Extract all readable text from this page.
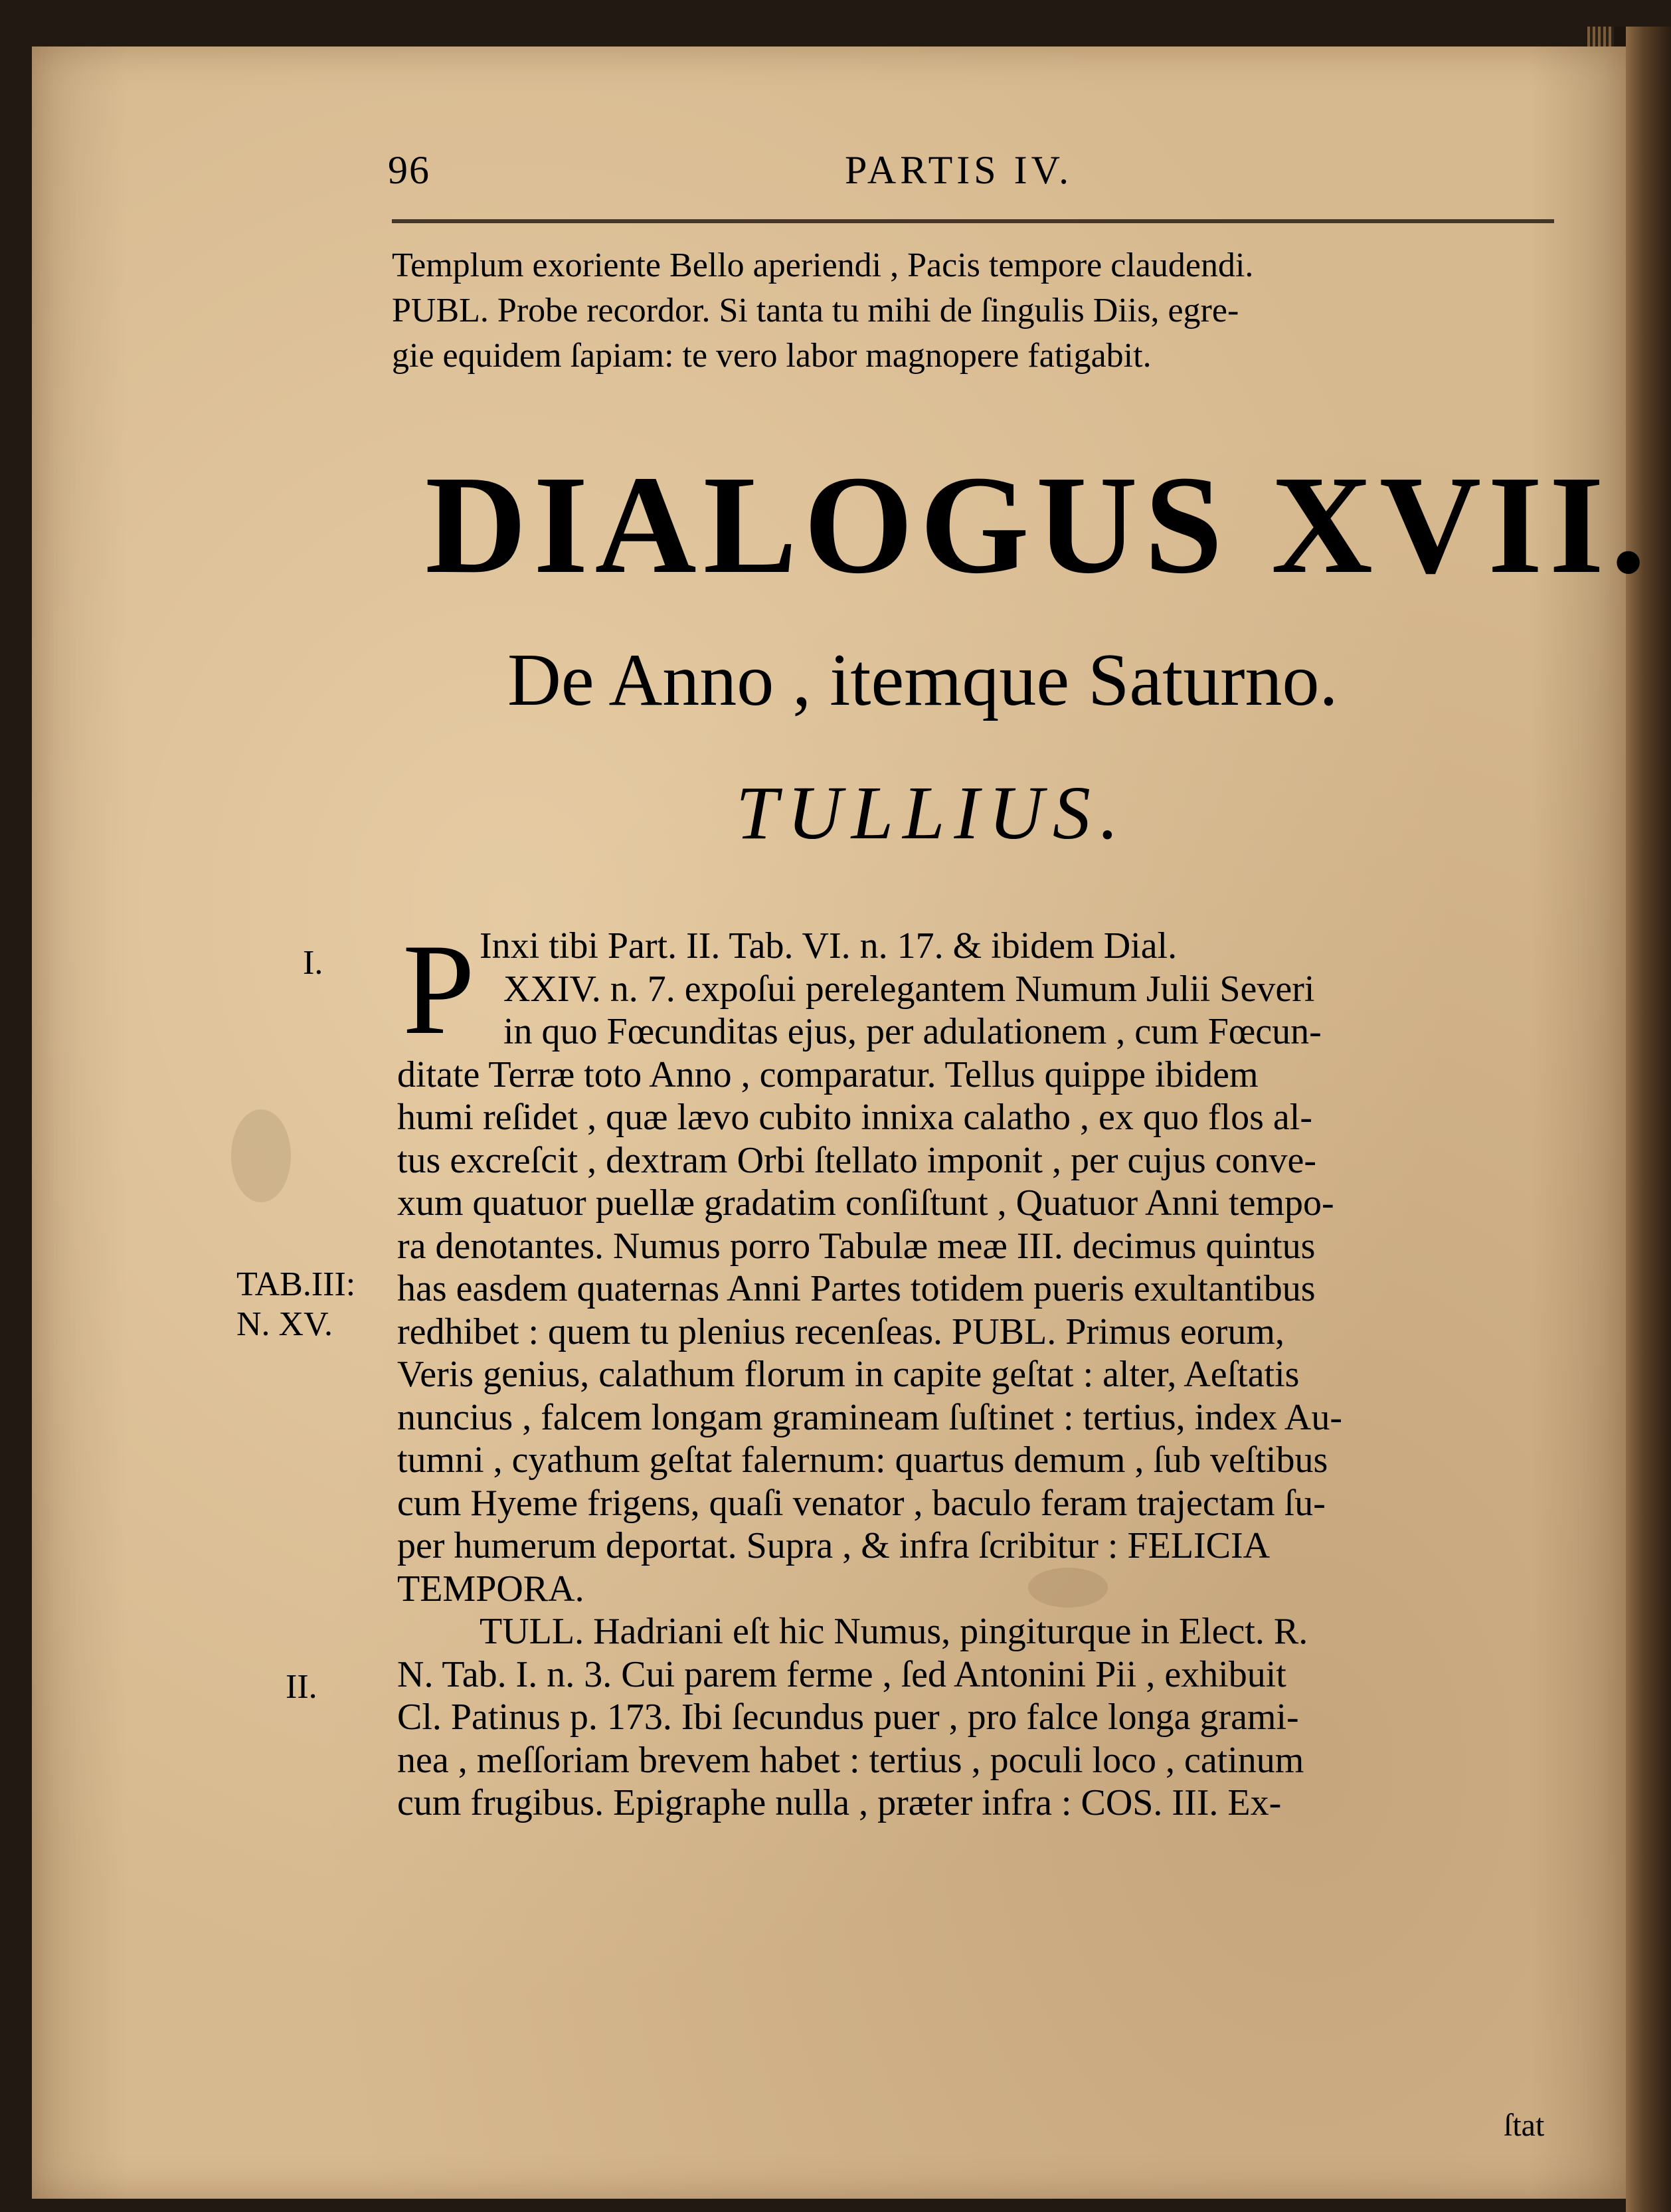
96	PARTIS IV.
Templum exoriente Bello aperiendi , Pacis tempore claudendi.
PUBL. Probe recordor. Si tanta tu mihi de ſingulis Diis, egre-
gie equidem ſapiam: te vero labor magnopere fatigabit.
DIALOGUS XVII.
De Anno , itemque Saturno.
TULLIUS.
I.
TAB.III:
N. XV.
II.
P Inxi tibi Part. II. Tab. VI. n. 17. & ibidem Dial.
XXIV. n. 7. expoſui perelegantem Numum Julii Severi
in quo Fœcunditas ejus, per adulationem , cum Fœcun-
ditate Terræ toto Anno , comparatur. Tellus quippe ibidem
humi reſidet , quæ lævo cubito innixa calatho , ex quo flos al-
tus excreſcit , dextram Orbi ſtellato imponit , per cujus conve-
xum quatuor puellæ gradatim conſiſtunt , Quatuor Anni tempo-
ra denotantes. Numus porro Tabulæ meæ III. decimus quintus
has easdem quaternas Anni Partes totidem pueris exultantibus
redhibet : quem tu plenius recenſeas. PUBL. Primus eorum,
Veris genius, calathum florum in capite geſtat : alter, Aeſtatis
nuncius , falcem longam gramineam ſuſtinet : tertius, index Au-
tumni , cyathum geſtat falernum: quartus demum , ſub veſtibus
cum Hyeme frigens, quaſi venator , baculo feram trajectam ſu-
per humerum deportat. Supra , & infra ſcribitur : FELICIA
TEMPORA.
TULL. Hadriani eſt hic Numus, pingiturque in Elect. R.
N. Tab. I. n. 3. Cui parem ferme , ſed Antonini Pii , exhibuit
Cl. Patinus p. 173. Ibi ſecundus puer , pro falce longa grami-
nea , meſſoriam brevem habet : tertius , poculi loco , catinum
cum frugibus. Epigraphe nulla , præter infra : COS. III. Ex-
ſtat
